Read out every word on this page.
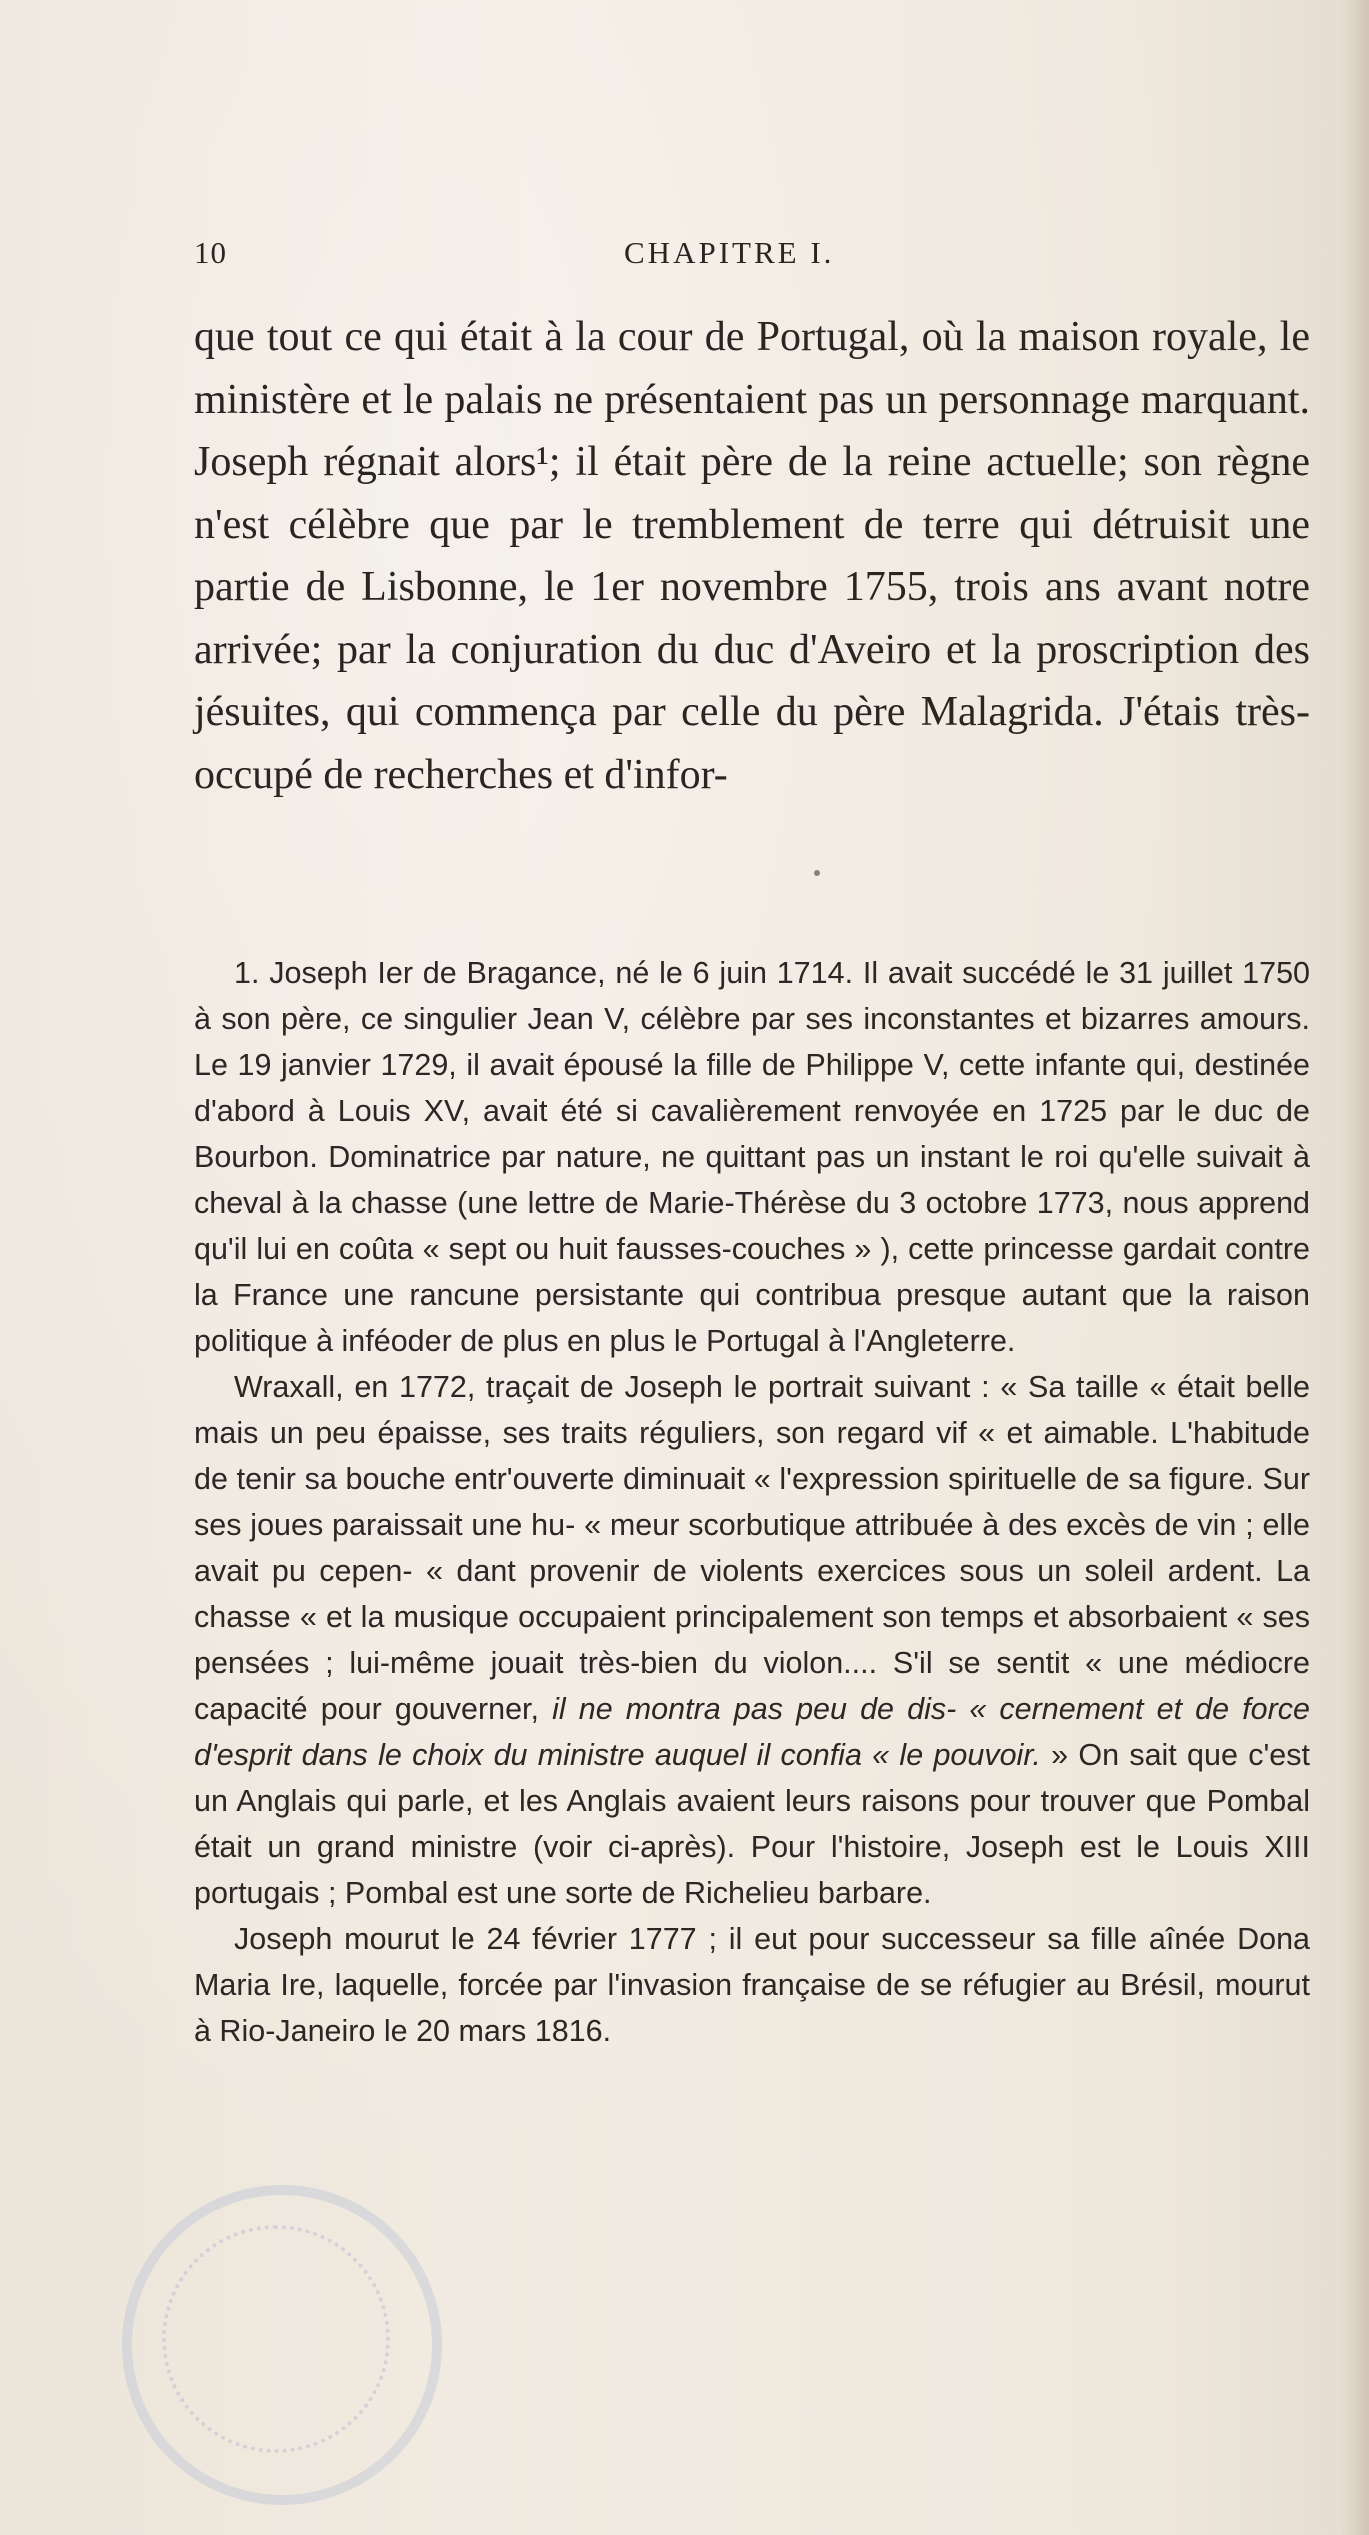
10	CHAPITRE I.

que tout ce qui était à la cour de Portugal, où la maison royale, le ministère et le palais ne présentaient pas un personnage marquant. Joseph régnait alors¹; il était père de la reine actuelle; son règne n'est célèbre que par le tremblement de terre qui détruisit une partie de Lisbonne, le 1er novembre 1755, trois ans avant notre arrivée; par la conjuration du duc d'Aveiro et la proscription des jésuites, qui commença par celle du père Malagrida. J'étais très-occupé de recherches et d'infor-

1. Joseph Ier de Bragance, né le 6 juin 1714. Il avait succédé le 31 juillet 1750 à son père, ce singulier Jean V, célèbre par ses inconstantes et bizarres amours. Le 19 janvier 1729, il avait épousé la fille de Philippe V, cette infante qui, destinée d'abord à Louis XV, avait été si cavalièrement renvoyée en 1725 par le duc de Bourbon. Dominatrice par nature, ne quittant pas un instant le roi qu'elle suivait à cheval à la chasse (une lettre de Marie-Thérèse du 3 octobre 1773, nous apprend qu'il lui en coûta « sept ou huit fausses-couches » ), cette princesse gardait contre la France une rancune persistante qui contribua presque autant que la raison politique à inféoder de plus en plus le Portugal à l'Angleterre.

Wraxall, en 1772, traçait de Joseph le portrait suivant : « Sa taille « était belle mais un peu épaisse, ses traits réguliers, son regard vif « et aimable. L'habitude de tenir sa bouche entr'ouverte diminuait « l'expression spirituelle de sa figure. Sur ses joues paraissait une hu- « meur scorbutique attribuée à des excès de vin ; elle avait pu cepen- « dant provenir de violents exercices sous un soleil ardent. La chasse « et la musique occupaient principalement son temps et absorbaient « ses pensées ; lui-même jouait très-bien du violon.... S'il se sentit « une médiocre capacité pour gouverner, il ne montra pas peu de dis- « cernement et de force d'esprit dans le choix du ministre auquel il confia « le pouvoir. » On sait que c'est un Anglais qui parle, et les Anglais avaient leurs raisons pour trouver que Pombal était un grand ministre (voir ci-après). Pour l'histoire, Joseph est le Louis XIII portugais ; Pombal est une sorte de Richelieu barbare.

Joseph mourut le 24 février 1777 ; il eut pour successeur sa fille aînée Dona Maria Ire, laquelle, forcée par l'invasion française de se réfugier au Brésil, mourut à Rio-Janeiro le 20 mars 1816.
